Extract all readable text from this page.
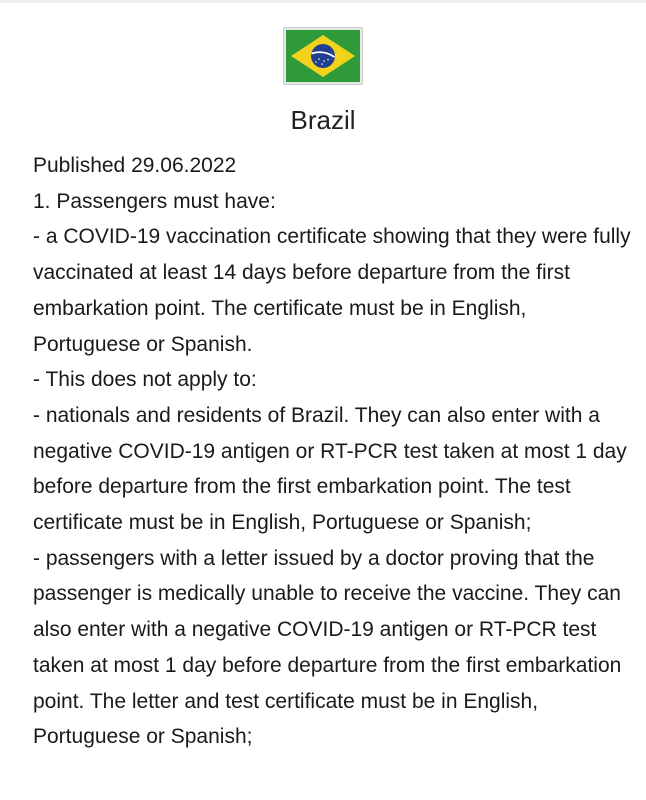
Brazil

Published 29.06.2022

1. Passengers must have:

- a COVID-19 vaccination certificate showing that they were fully vaccinated at least 14 days before departure from the first embarkation point. The certificate must be in English, Portuguese or Spanish.

- This does not apply to:

- nationals and residents of Brazil. They can also enter with a negative COVID-19 antigen or RT-PCR test taken at most 1 day before departure from the first embarkation point. The test certificate must be in English, Portuguese or Spanish;

- passengers with a letter issued by a doctor proving that the passenger is medically unable to receive the vaccine. They can also enter with a negative COVID-19 antigen or RT-PCR test taken at most 1 day before departure from the first embarkation point. The letter and test certificate must be in English, Portuguese or Spanish;
